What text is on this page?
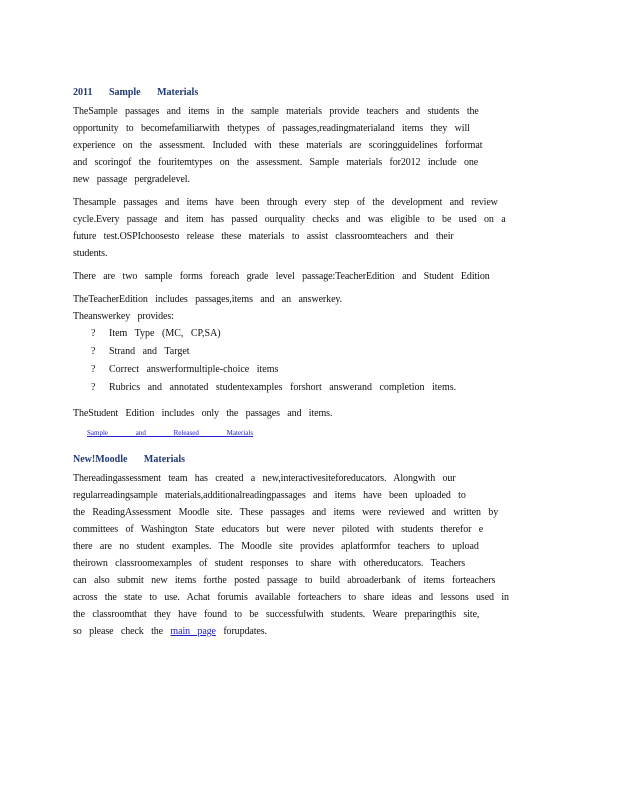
2011 Sample Materials
TheSample passages and items in the sample materials provide teachers and students the
opportunity to becomefamiliarwith thetypes of passages,readingmaterialand items they will
experience on the assessment. Included with these materials are scoringguidelines forformat
and scoringof the fouritemtypes on the assessment. Sample materials for2012 include one
new passage pergradelevel.
Thesample passages and items have been through every step of the development and review
cycle.Every passage and item has passed ourquality checks and was eligible to be used on a
future test.OSPIchoosesto release these materials to assist classroomteachers and their
students.
There are two sample forms foreach grade level passage:TeacherEdition and Student Edition
TheTeacherEdition includes passages,items and an answerkey.
Theanswerkey provides:
? Item Type (MC, CP,SA)
? Strand and Target
? Correct answerformultiple-choice items
? Rubrics and annotated studentexamples forshort answerand completion items.
TheStudent Edition includes only the passages and items.
Sample and Released Materials
New!Moodle Materials
Thereadingassessment team has created a new,interactivesiteforeducators. Alongwith our
regularreadingsample materials,additionalreadingpassages and items have been uploaded to
the ReadingAssessment Moodle site. These passages and items were reviewed and written by
committees of Washington State educators but were never piloted with students therefor e
there are no student examples. The Moodle site provides aplatformfor teachers to upload
theirown classroomexamples of student responses to share with othereducators. Teachers
can also submit new items forthe posted passage to build abroaderbank of items forteachers
across the state to use. Achat forumis available forteachers to share ideas and lessons used in
the classroomthat they have found to be successfulwith students. Weare preparingthis site,
so please check the main page forupdates.
